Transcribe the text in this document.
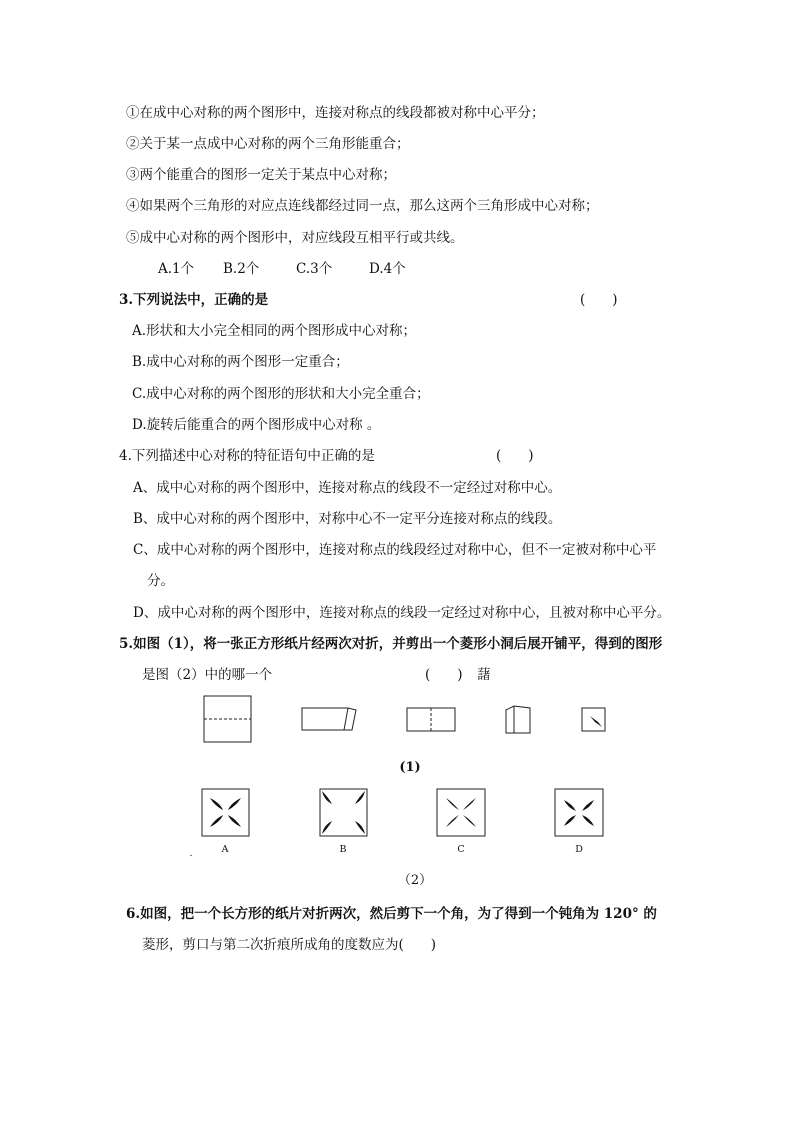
①在成中心对称的两个图形中，连接对称点的线段都被对称中心平分；
②关于某一点成中心对称的两个三角形能重合；
③两个能重合的图形一定关于某点中心对称；
④如果两个三角形的对应点连线都经过同一点，那么这两个三角形成中心对称；
⑤成中心对称的两个图形中，对应线段互相平行或共线。
A.1个 B.2个	C.3个	D.4个
3.下列说法中，正确的是	(　　)
A.形状和大小完全相同的两个图形成中心对称；
B.成中心对称的两个图形一定重合；
C.成中心对称的两个图形的形状和大小完全重合；
D.旋转后能重合的两个图形成中心对称 。
4.下列描述中心对称的特征语句中正确的是	(　　)
A、成中心对称的两个图形中，连接对称点的线段不一定经过对称中心。
B、成中心对称的两个图形中，对称中心不一定平分连接对称点的线段。
C、成中心对称的两个图形中，连接对称点的线段经过对称中心，但不一定被对称中心平
分。
D、成中心对称的两个图形中，连接对称点的线段一定经过对称中心，且被对称中心平分。
5.如图（1），将一张正方形纸片经两次对折，并剪出一个菱形小洞后展开铺平，得到的图形
是图（2）中的哪一个	(　　) 藷
(1)
.	A	B	C	D
（2）
6.如图，把一个长方形的纸片对折两次，然后剪下一个角，为了得到一个钝角为 120° 的
菱形，剪口与第二次折痕所成角的度数应为(　　)
